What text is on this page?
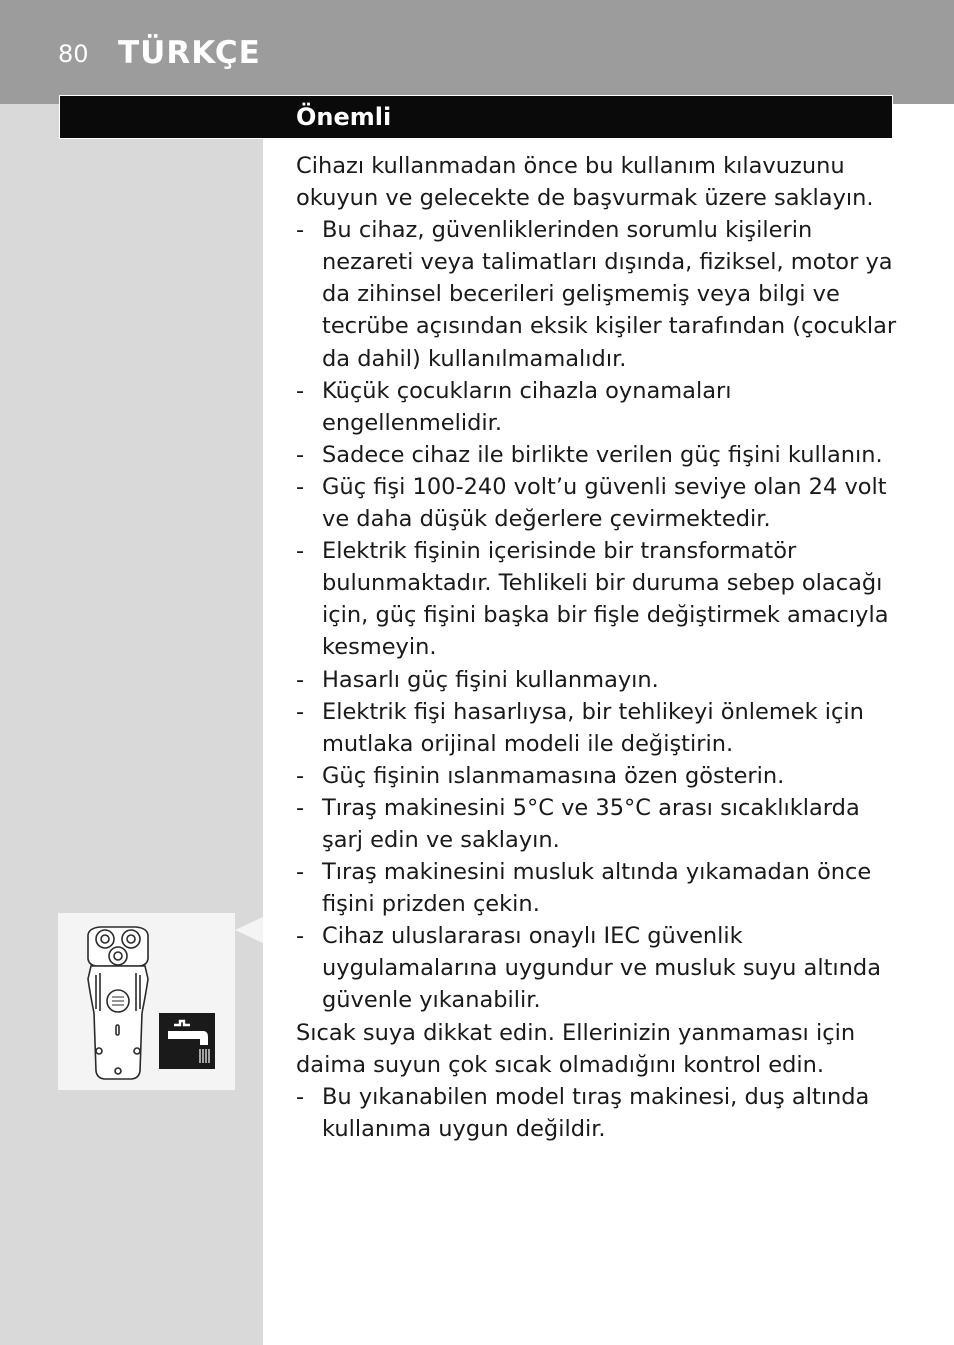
80 TÜRKÇE
Önemli

Cihazı kullanmadan önce bu kullanım kılavuzunu okuyun ve gelecekte de başvurmak üzere saklayın.

- Bu cihaz, güvenliklerinden sorumlu kişilerin nezareti veya talimatları dışında, fiziksel, motor ya da zihinsel becerileri gelişmemiş veya bilgi ve tecrübe açısından eksik kişiler tarafından (çocuklar da dahil) kullanılmamalıdır.

- Küçük çocukların cihazla oynamaları engellenmelidir.

- Sadece cihaz ile birlikte verilen güç fişini kullanın.

- Güç fişi 100-240 volt’u güvenli seviye olan 24 volt ve daha düşük değerlere çevirmektedir.

- Elektrik fişinin içerisinde bir transformatör bulunmaktadır. Tehlikeli bir duruma sebep olacağı için, güç fişini başka bir fişle değiştirmek amacıyla kesmeyin.

- Hasarlı güç fişini kullanmayın.

- Elektrik fişi hasarlıysa, bir tehlikeyi önlemek için mutlaka orijinal modeli ile değiştirin.

- Güç fişinin ıslanmamasına özen gösterin.

- Tıraş makinesini 5°C ve 35°C arası sıcaklıklarda şarj edin ve saklayın.

- Tıraş makinesini musluk altında yıkamadan önce fişini prizden çekin.

- Cihaz uluslararası onaylı IEC güvenlik uygulamalarına uygundur ve musluk suyu altında güvenle yıkanabilir.

Sıcak suya dikkat edin. Ellerinizin yanmaması için daima suyun çok sıcak olmadığını kontrol edin.

- Bu yıkanabilen model tıraş makinesi, duş altında kullanıma uygun değildir.
